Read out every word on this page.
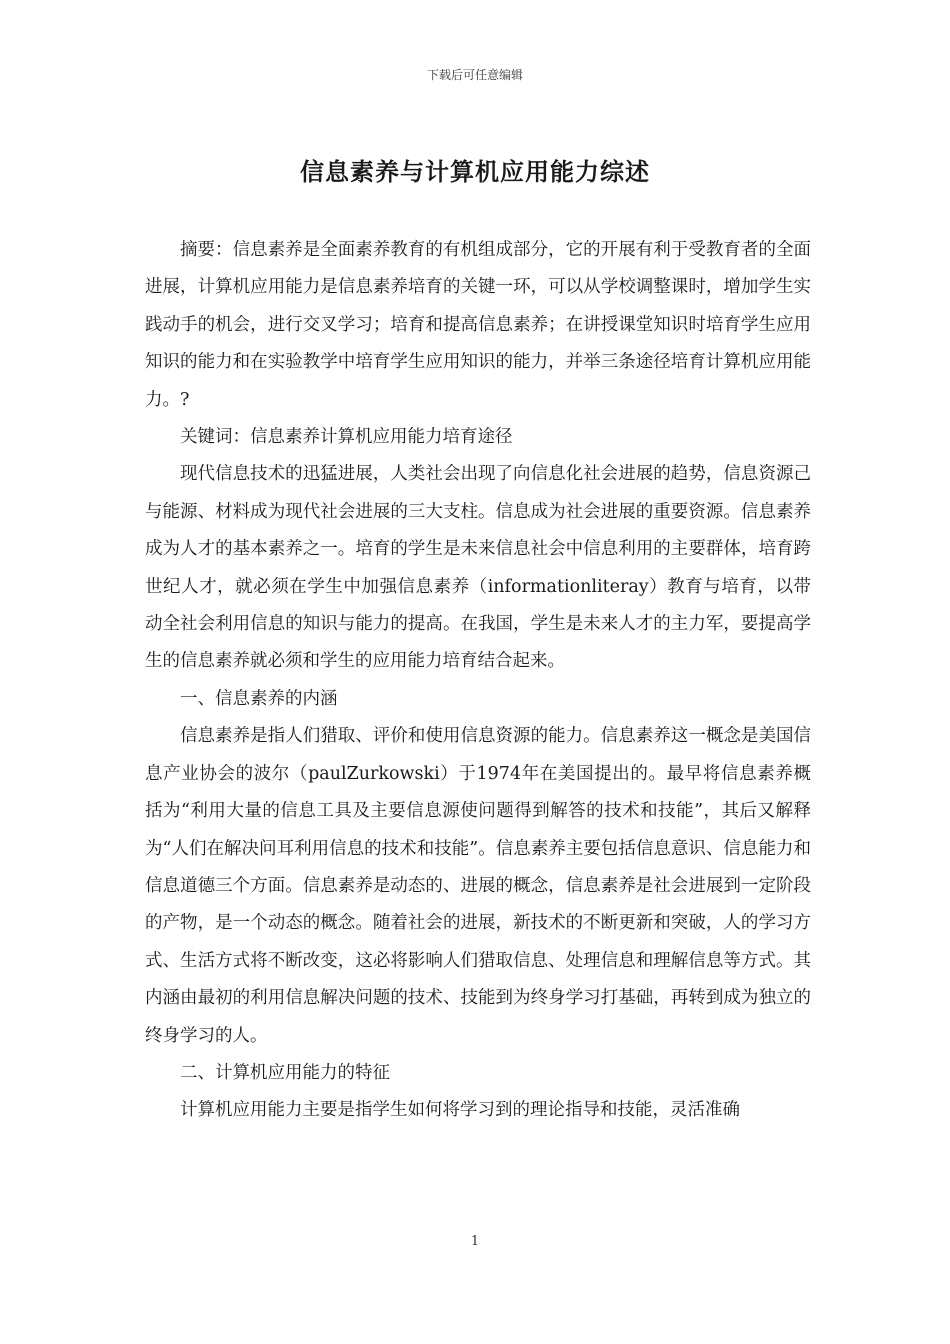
下载后可任意编辑
信息素养与计算机应用能力综述

摘要：信息素养是全面素养教育的有机组成部分，它的开展有利于受教育者的全面进展，计算机应用能力是信息素养培育的关键一环，可以从学校调整课时，增加学生实践动手的机会，进行交叉学习；培育和提高信息素养；在讲授课堂知识时培育学生应用知识的能力和在实验教学中培育学生应用知识的能力，并举三条途径培育计算机应用能力。?

关键词：信息素养计算机应用能力培育途径

现代信息技术的迅猛进展，人类社会出现了向信息化社会进展的趋势，信息资源己与能源、材料成为现代社会进展的三大支柱。信息成为社会进展的重要资源。信息素养成为人才的基本素养之一。培育的学生是未来信息社会中信息利用的主要群体，培育跨世纪人才，就必须在学生中加强信息素养（informationliteray）教育与培育，以带动全社会利用信息的知识与能力的提高。在我国，学生是未来人才的主力军，要提高学生的信息素养就必须和学生的应用能力培育结合起来。

一、信息素养的内涵

信息素养是指人们猎取、评价和使用信息资源的能力。信息素养这一概念是美国信息产业协会的波尔（paulZurkowski）于1974年在美国提出的。最早将信息素养概括为“利用大量的信息工具及主要信息源使问题得到解答的技术和技能”，其后又解释为“人们在解决问耳利用信息的技术和技能”。信息素养主要包括信息意识、信息能力和信息道德三个方面。信息素养是动态的、进展的概念，信息素养是社会进展到一定阶段的产物，是一个动态的概念。随着社会的进展，新技术的不断更新和突破，人的学习方式、生活方式将不断改变，这必将影响人们猎取信息、处理信息和理解信息等方式。其内涵由最初的利用信息解决问题的技术、技能到为终身学习打基础，再转到成为独立的终身学习的人。

二、计算机应用能力的特征

计算机应用能力主要是指学生如何将学习到的理论指导和技能，灵活准确

1
